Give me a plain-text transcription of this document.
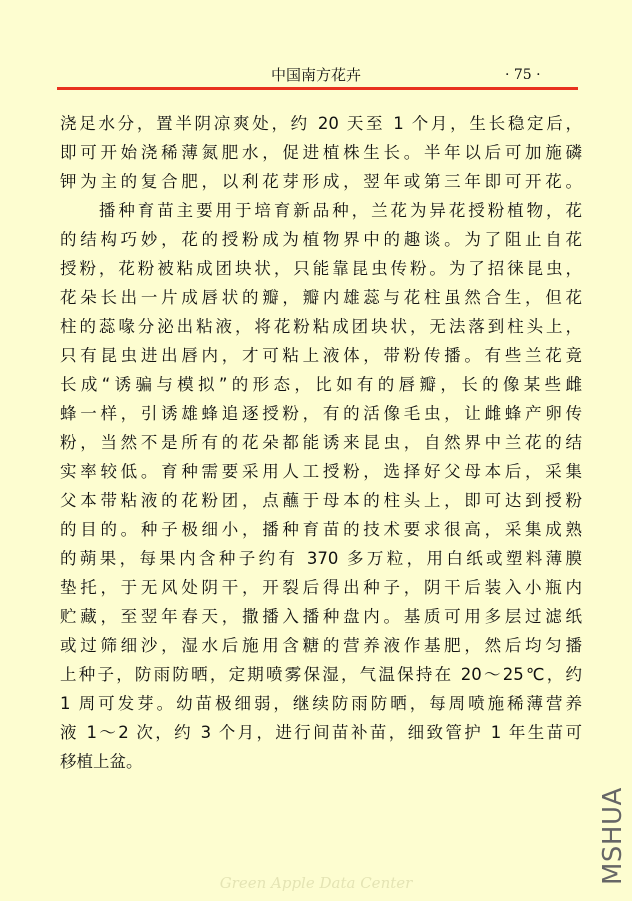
中国南方花卉	· 75 ·
浇足水分，置半阴凉爽处，约 20 天至 1 个月，生长稳定后，
即可开始浇稀薄氮肥水，促进植株生长。半年以后可加施磷
钾为主的复合肥，以利花芽形成，翌年或第三年即可开花。
　　播种育苗主要用于培育新品种，兰花为异花授粉植物，花
的结构巧妙，花的授粉成为植物界中的趣谈。为了阻止自花
授粉，花粉被粘成团块状，只能靠昆虫传粉。为了招徕昆虫，
花朵长出一片成唇状的瓣，瓣内雄蕊与花柱虽然合生，但花
柱的蕊喙分泌出粘液，将花粉粘成团块状，无法落到柱头上，
只有昆虫进出唇内，才可粘上液体，带粉传播。有些兰花竟
长成“诱骗与模拟”的形态，比如有的唇瓣，长的像某些雌
蜂一样，引诱雄蜂追逐授粉，有的活像毛虫，让雌蜂产卵传
粉，当然不是所有的花朵都能诱来昆虫，自然界中兰花的结
实率较低。育种需要采用人工授粉，选择好父母本后，采集
父本带粘液的花粉团，点蘸于母本的柱头上，即可达到授粉
的目的。种子极细小，播种育苗的技术要求很高，采集成熟
的蒴果，每果内含种子约有 370 多万粒，用白纸或塑料薄膜
垫托，于无风处阴干，开裂后得出种子，阴干后装入小瓶内
贮藏，至翌年春天，撒播入播种盘内。基质可用多层过滤纸
或过筛细沙，湿水后施用含糖的营养液作基肥，然后均匀播
上种子，防雨防晒，定期喷雾保湿，气温保持在 20～25℃，约
1 周可发芽。幼苗极细弱，继续防雨防晒，每周喷施稀薄营养
液 1～2 次，约 3 个月，进行间苗补苗，细致管护 1 年生苗可
移植上盆。
MSHUA
Green Apple Data Center
